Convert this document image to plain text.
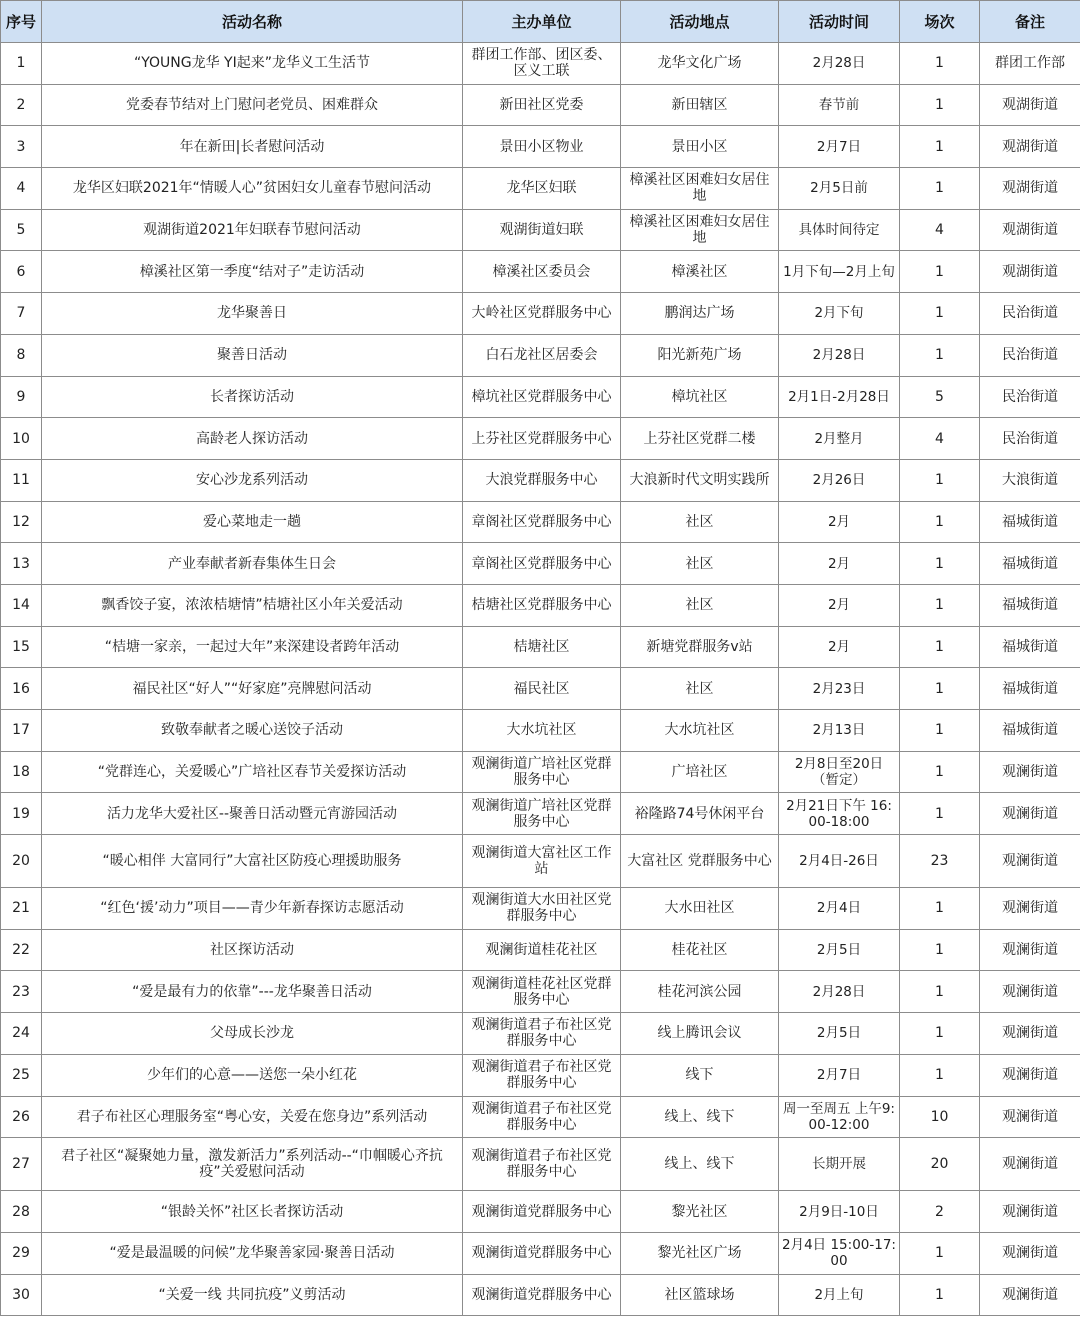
序号	活动名称	主办单位	活动地点	活动时间	场次	备注
1	“YOUNG龙华 YI起来”龙华义工生活节	群团工作部、团区委、区义工联	龙华文化广场	2月28日	1	群团工作部
2	党委春节结对上门慰问老党员、困难群众	新田社区党委	新田辖区	春节前	1	观湖街道
3	年在新田|长者慰问活动	景田小区物业	景田小区	2月7日	1	观湖街道
4	龙华区妇联2021年“情暖人心”贫困妇女儿童春节慰问活动	龙华区妇联	樟溪社区困难妇女居住地	2月5日前	1	观湖街道
5	观湖街道2021年妇联春节慰问活动	观湖街道妇联	樟溪社区困难妇女居住地	具体时间待定	4	观湖街道
6	樟溪社区第一季度“结对子”走访活动	樟溪社区委员会	樟溪社区	1月下旬—2月上旬	1	观湖街道
7	龙华聚善日	大岭社区党群服务中心	鹏润达广场	2月下旬	1	民治街道
8	聚善日活动	白石龙社区居委会	阳光新苑广场	2月28日	1	民治街道
9	长者探访活动	樟坑社区党群服务中心	樟坑社区	2月1日-2月28日	5	民治街道
10	高龄老人探访活动	上芬社区党群服务中心	上芬社区党群二楼	2月整月	4	民治街道
11	安心沙龙系列活动	大浪党群服务中心	大浪新时代文明实践所	2月26日	1	大浪街道
12	爱心菜地走一趟	章阁社区党群服务中心	社区	2月	1	福城街道
13	产业奉献者新春集体生日会	章阁社区党群服务中心	社区	2月	1	福城街道
14	飘香饺子宴，浓浓桔塘情”桔塘社区小年关爱活动	桔塘社区党群服务中心	社区	2月	1	福城街道
15	“桔塘一家亲，一起过大年”来深建设者跨年活动	桔塘社区	新塘党群服务v站	2月	1	福城街道
16	福民社区“好人”“好家庭”亮牌慰问活动	福民社区	社区	2月23日	1	福城街道
17	致敬奉献者之暖心送饺子活动	大水坑社区	大水坑社区	2月13日	1	福城街道
18	“党群连心，关爱暖心”广培社区春节关爱探访活动	观澜街道广培社区党群服务中心	广培社区	2月8日至20日（暂定）	1	观澜街道
19	活力龙华大爱社区--聚善日活动暨元宵游园活动	观澜街道广培社区党群服务中心	裕隆路74号休闲平台	2月21日下午 16:00-18:00	1	观澜街道
20	“暖心相伴 大富同行”大富社区防疫心理援助服务	观澜街道大富社区工作站	大富社区 党群服务中心	2月4日-26日	23	观澜街道
21	“红色‘援’动力”项目——青少年新春探访志愿活动	观澜街道大水田社区党群服务中心	大水田社区	2月4日	1	观澜街道
22	社区探访活动	观澜街道桂花社区	桂花社区	2月5日	1	观澜街道
23	“爱是最有力的依靠”---龙华聚善日活动	观澜街道桂花社区党群服务中心	桂花河滨公园	2月28日	1	观澜街道
24	父母成长沙龙	观澜街道君子布社区党群服务中心	线上腾讯会议	2月5日	1	观澜街道
25	少年们的心意——送您一朵小红花	观澜街道君子布社区党群服务中心	线下	2月7日	1	观澜街道
26	君子布社区心理服务室“粤心安，关爱在您身边”系列活动	观澜街道君子布社区党群服务中心	线上、线下	周一至周五 上午9:00-12:00	10	观澜街道
27	君子社区“凝聚她力量，激发新活力”系列活动--“巾帼暖心齐抗疫”关爱慰问活动	观澜街道君子布社区党群服务中心	线上、线下	长期开展	20	观澜街道
28	“银龄关怀”社区长者探访活动	观澜街道党群服务中心	黎光社区	2月9日-10日	2	观澜街道
29	“爱是最温暖的问候”龙华聚善家园·聚善日活动	观澜街道党群服务中心	黎光社区广场	2月4日 15:00-17:00	1	观澜街道
30	“关爱一线 共同抗疫”义剪活动	观澜街道党群服务中心	社区篮球场	2月上旬	1	观澜街道
